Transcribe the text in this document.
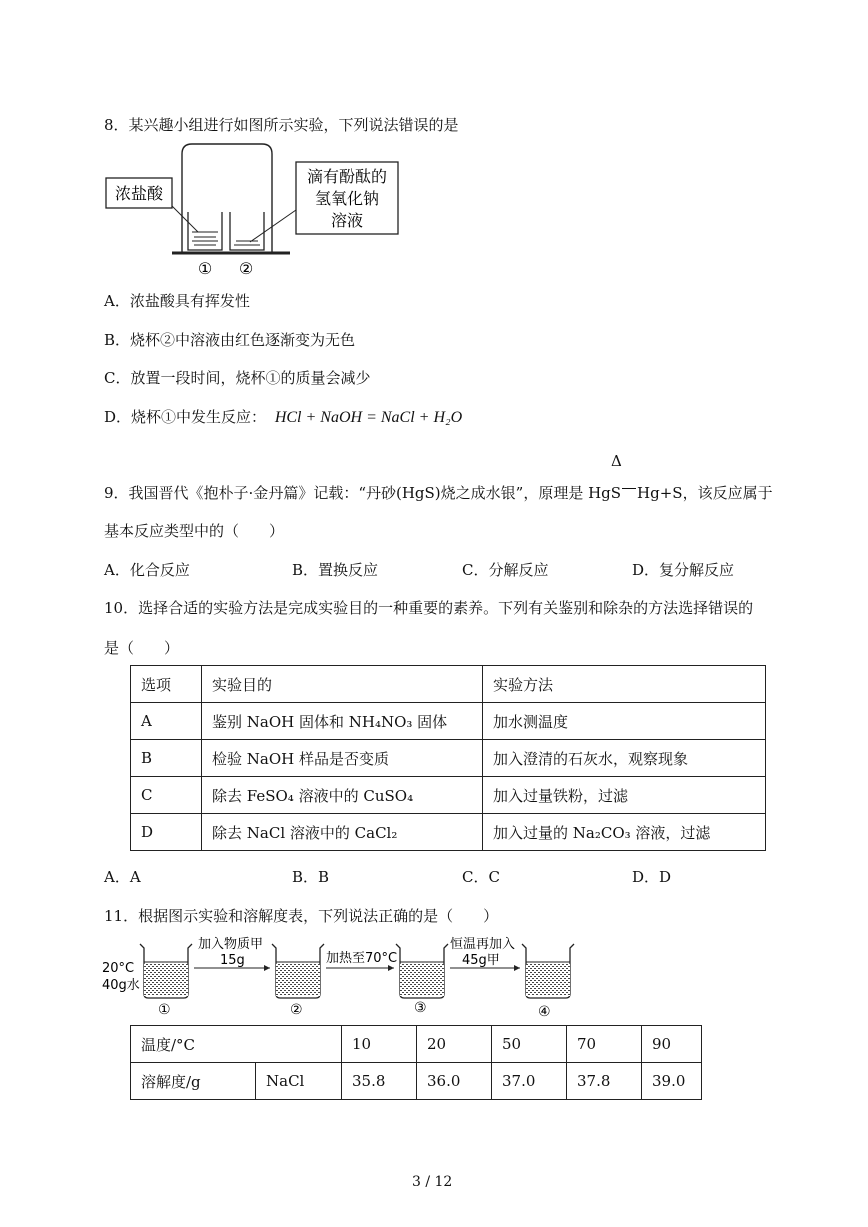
8．某兴趣小组进行如图所示实验，下列说法错误的是
浓盐酸
滴有酚酞的
氢氧化钠
溶液
① ②
A．浓盐酸具有挥发性
B．烧杯②中溶液由红色逐渐变为无色
C．放置一段时间，烧杯①的质量会减少
D．烧杯①中发生反应： HCl + NaOH = NaCl + H₂O
Δ
9．我国晋代《抱朴子·金丹篇》记载：“丹砂(HgS)烧之成水银”，原理是 HgS Hg+S，该反应属于
基本反应类型中的（　　）
A．化合反应	B．置换反应	C．分解反应	D．复分解反应
10．选择合适的实验方法是完成实验目的一种重要的素养。下列有关鉴别和除杂的方法选择错误的
是（　　）
选项	实验目的	实验方法
A	鉴别 NaOH 固体和 NH₄NO₃ 固体	加水测温度
B	检验 NaOH 样品是否变质	加入澄清的石灰水，观察现象
C	除去 FeSO₄ 溶液中的 CuSO₄	加入过量铁粉，过滤
D	除去 NaCl 溶液中的 CaCl₂	加入过量的 Na₂CO₃ 溶液，过滤
A．A	B．B	C．C	D．D
11．根据图示实验和溶解度表，下列说法正确的是（　　）
20°C
40g水
①
加入物质甲
15g
②
加热至70°C
③
恒温再加入
45g甲
④
温度/°C		10	20	50	70	90
溶解度/g	NaCl	35.8	36.0	37.0	37.8	39.0
3 / 12
